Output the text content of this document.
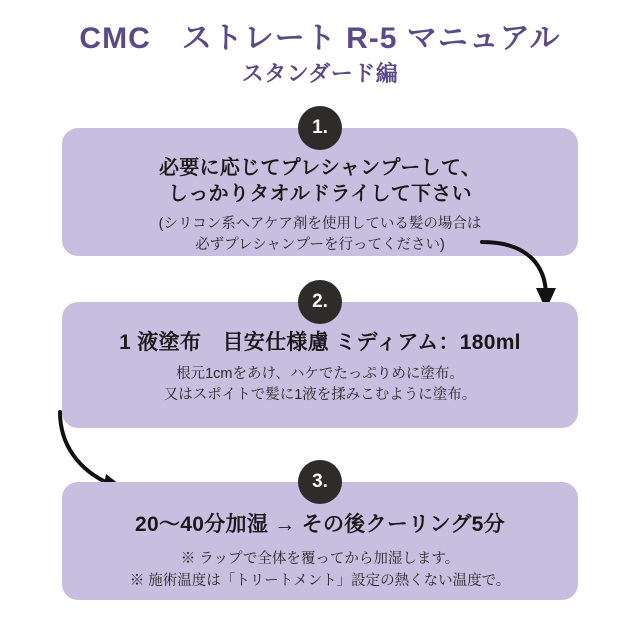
CMC　ストレート R-5 マニュアル
スタンダード編
1.
必要に応じてプレシャンプーして、
しっかりタオルドライして下さい
(シリコン系ヘアケア剤を使用している髪の場合は
必ずプレシャンプーを行ってください)
2.
1 液塗布　目安仕様慮 ミディアム：180ml
根元1cmをあけ、ハケでたっぷりめに塗布。
又はスポイトで髪に1液を揉みこむように塗布。
3.
20〜40分加湿 → その後クーリング5分
※ ラップで全体を覆ってから加湿します。
※ 施術温度は「トリートメント」設定の熱くない温度で。
